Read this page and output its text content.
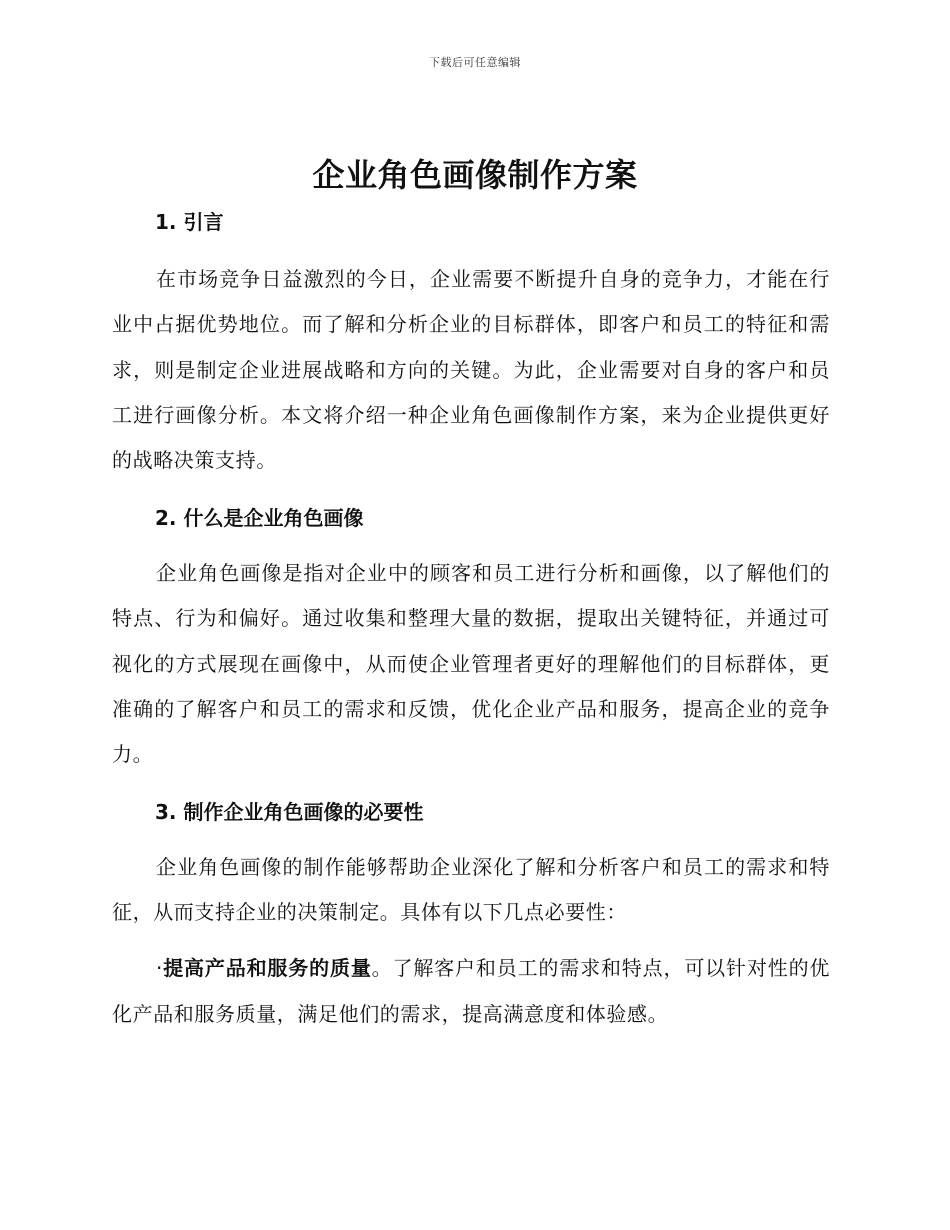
下载后可任意编辑
企业角色画像制作方案
1. 引言

在市场竞争日益激烈的今日，企业需要不断提升自身的竞争力，才能在行业中占据优势地位。而了解和分析企业的目标群体，即客户和员工的特征和需求，则是制定企业进展战略和方向的关键。为此，企业需要对自身的客户和员工进行画像分析。本文将介绍一种企业角色画像制作方案，来为企业提供更好的战略决策支持。

2. 什么是企业角色画像

企业角色画像是指对企业中的顾客和员工进行分析和画像，以了解他们的特点、行为和偏好。通过收集和整理大量的数据，提取出关键特征，并通过可视化的方式展现在画像中，从而使企业管理者更好的理解他们的目标群体，更准确的了解客户和员工的需求和反馈，优化企业产品和服务，提高企业的竞争力。

3. 制作企业角色画像的必要性

企业角色画像的制作能够帮助企业深化了解和分析客户和员工的需求和特征，从而支持企业的决策制定。具体有以下几点必要性：

·提高产品和服务的质量。了解客户和员工的需求和特点，可以针对性的优化产品和服务质量，满足他们的需求，提高满意度和体验感。
